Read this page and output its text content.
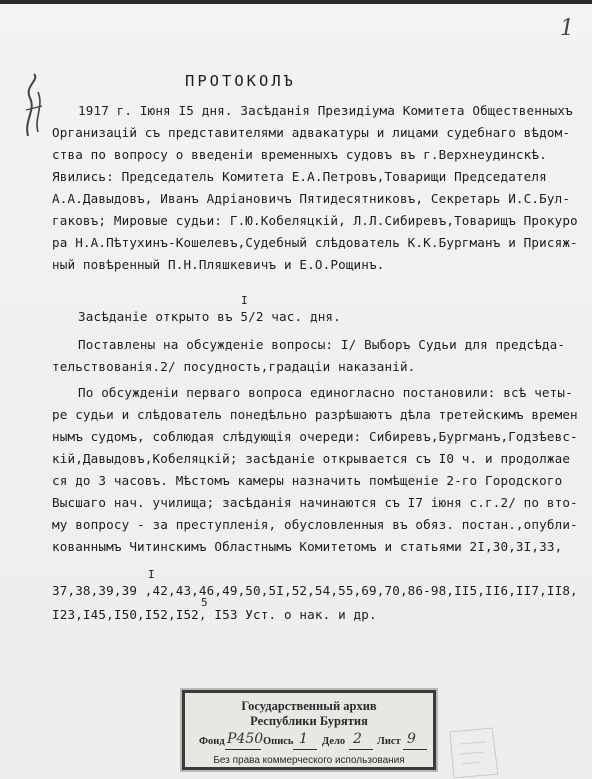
1
ПРОТОКОЛЪ
1917 г. Iюня I5 дня. Засѣданiя Президiума Комитета Общественныхъ
Организацiй съ представителями адвакатуры и лицами судебнаго вѣдом-
ства по вопросу о введенiи временныхъ судовъ въ г.Верхнеудинскѣ.
Явились: Председатель Комитета Е.А.Петровъ,Товарищи Председателя
А.А.Давыдовъ, Иванъ Адрiановичъ Пятидесятниковъ, Секретарь И.С.Бул-
гаковъ; Мировые судьи: Г.Ю.Кобеляцкiй, Л.Л.Сибиревъ,Товарищъ Прокуро
ра Н.А.Пѣтухинъ-Кошелевъ,Судебный слѣдователь К.К.Бургманъ и Присяж-
ный повѣренный П.Н.Пляшкевичъ и Е.О.Рощинъ.
I
Засѣданiе открыто въ 5/2 час. дня.
Поставлены на обсужденiе вопросы: I/ Выборъ Судьи для предсѣда-
тельствованiя.2/ посудность,градацiи наказанiй.
По обсужденiи перваго вопроса единогласно постановили: всѣ четы-
ре судьи и слѣдователь понедѣльно разрѣшаютъ дѣла третейскимъ времен
нымъ судомъ, соблюдая слѣдующiя очереди: Сибиревъ,Бургманъ,Годзѣевс-
кiй,Давыдовъ,Кобеляцкiй; засѣданiе открывается съ I0 ч. и продолжае
ся до 3 часовъ. Мѣстомъ камеры назначить помѣщенiе 2-го Городского
Высшаго нач. училища; засѣданiя начинаются съ I7 iюня с.г.2/ по вто-
му вопросу - за преступленiя, обусловленныя въ обяз. постан.,опубли-
кованнымъ Читинскимъ Областнымъ Комитетомъ и статьями 2I,30,3I,33,
I
37,38,39,39 ,42,43,46,49,50,5I,52,54,55,69,70,86-98,II5,II6,II7,II8,
5
I23,I45,I50,I52,I52, I53 Уст. о нак. и др.
Государственный архив
Республики Бурятия
Фонд Р450 Опись 1 Дело 2 Лист 9
Без права коммерческого использования
